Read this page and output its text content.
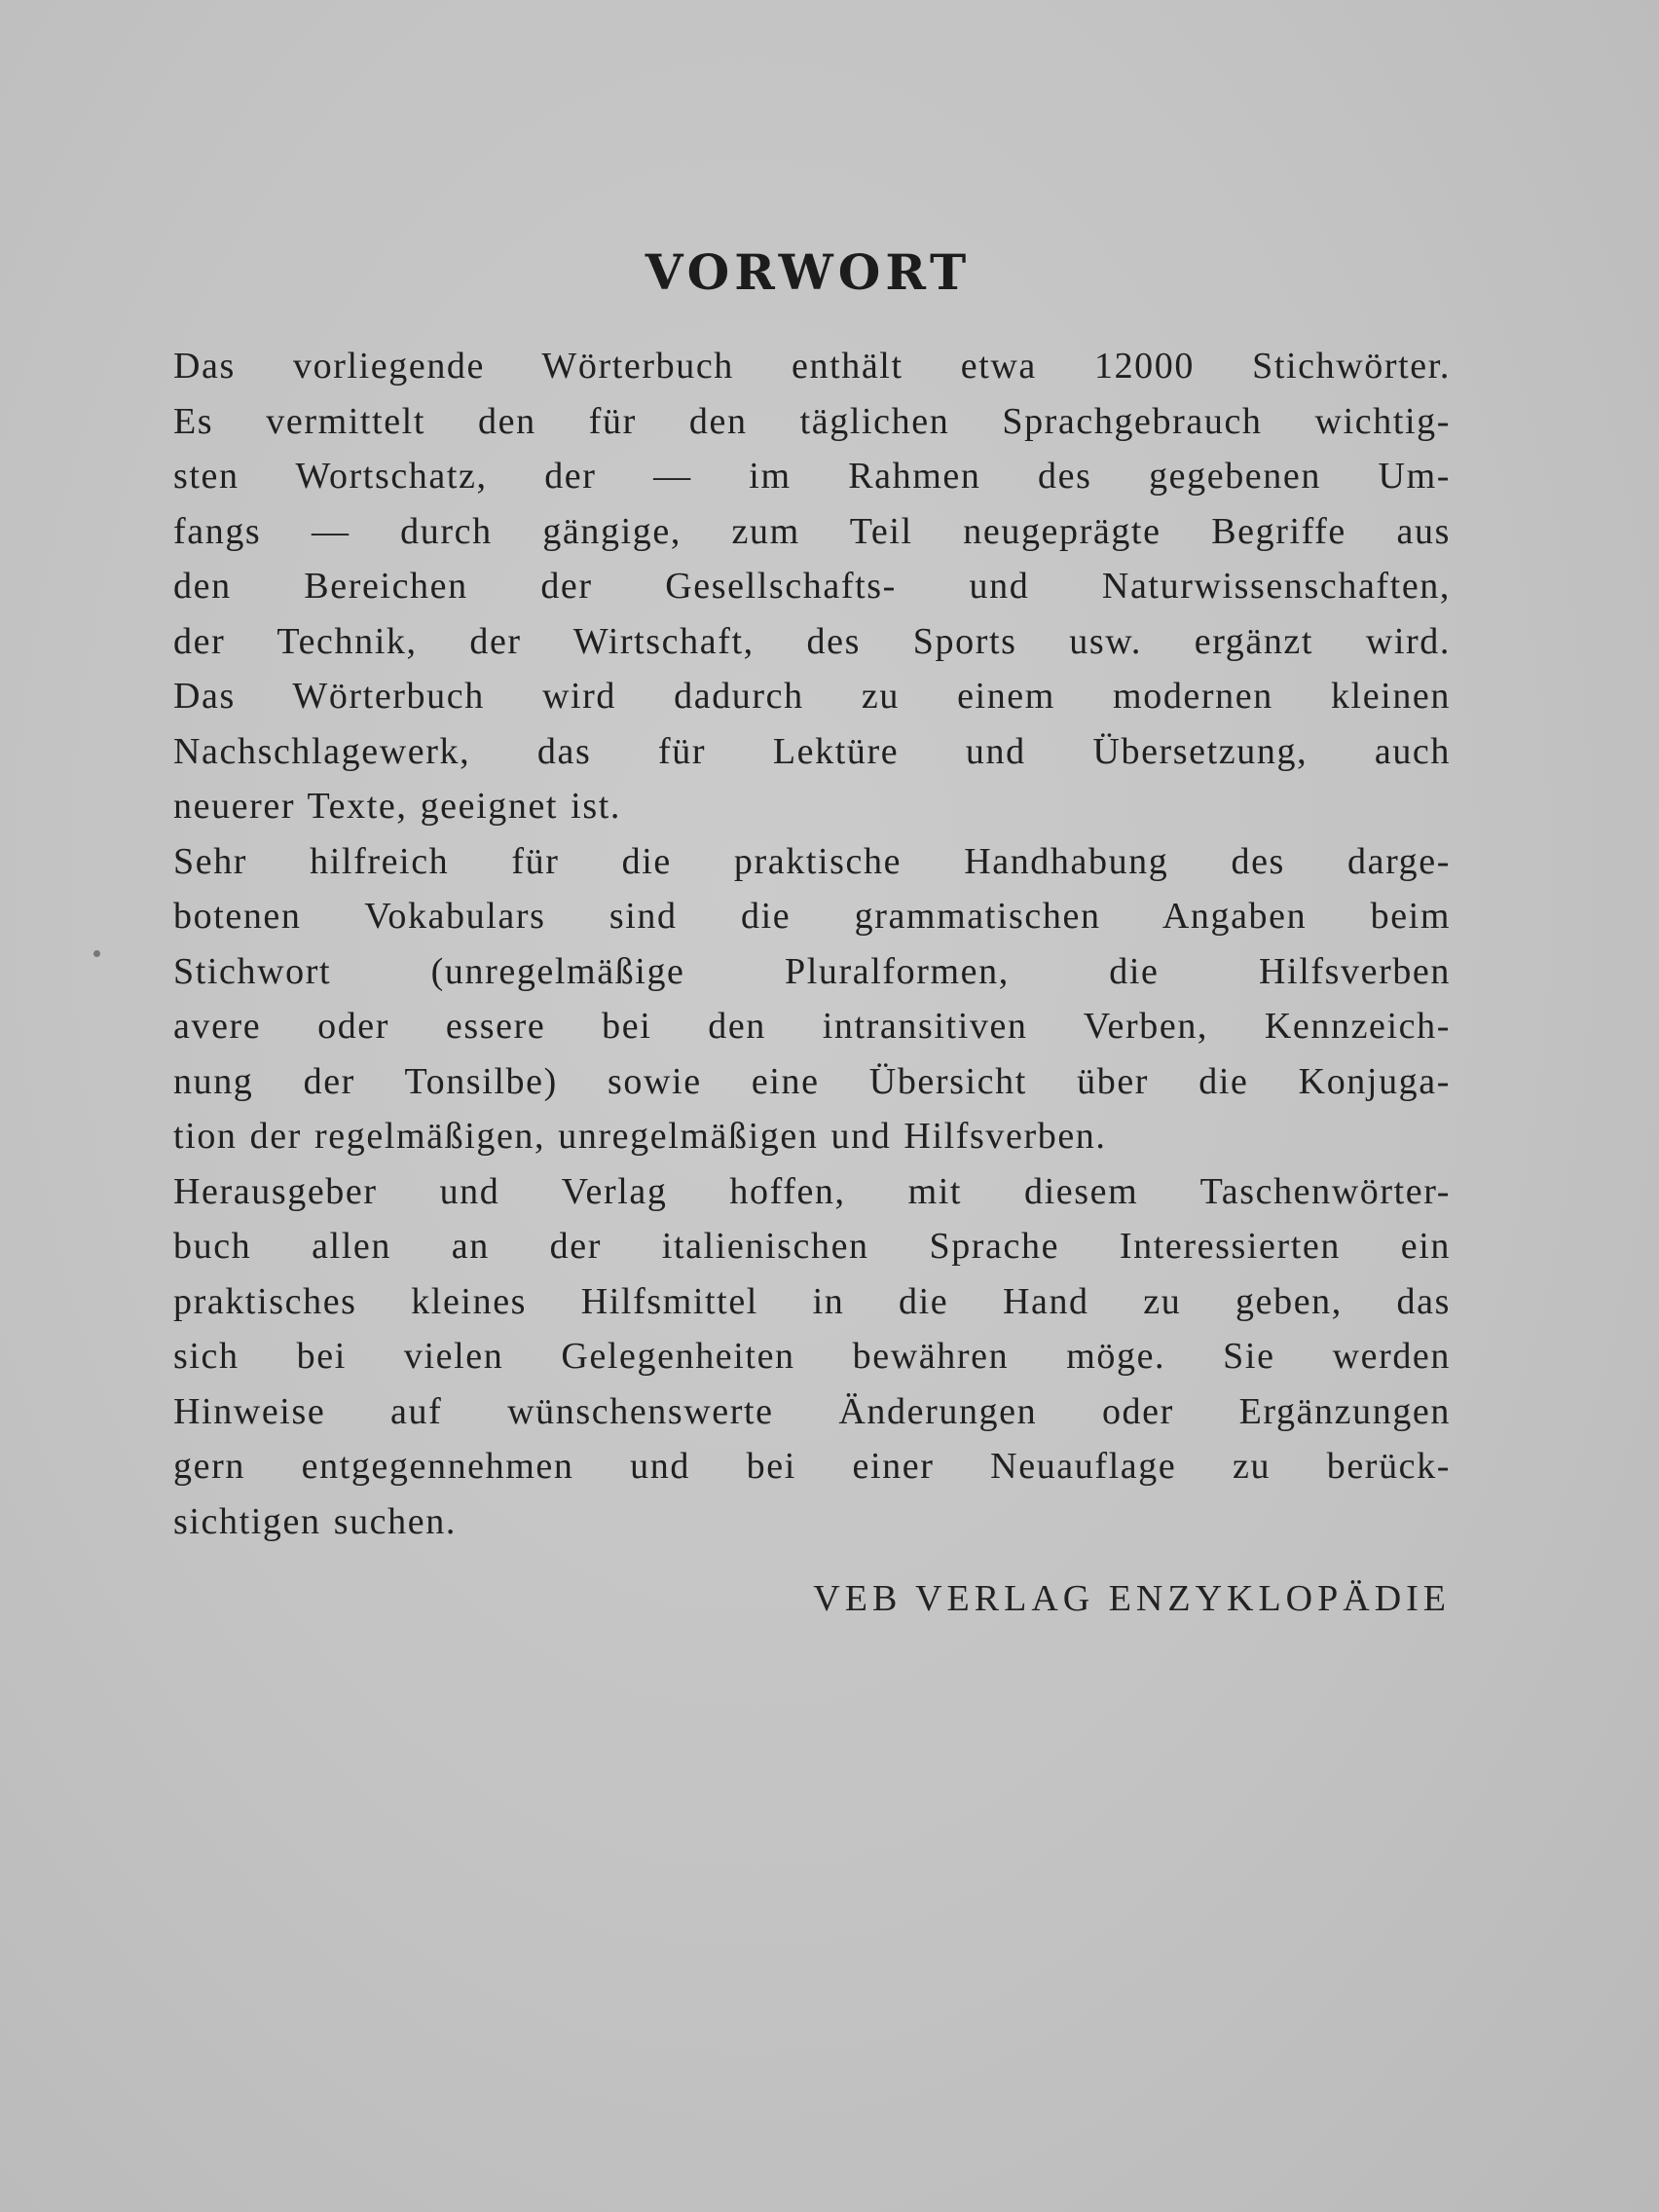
VORWORT
Das vorliegende Wörterbuch enthält etwa 12000 Stichwörter.
Es vermittelt den für den täglichen Sprachgebrauch wichtig-
sten Wortschatz, der — im Rahmen des gegebenen Um-
fangs — durch gängige, zum Teil neugeprägte Begriffe aus
den Bereichen der Gesellschafts- und Naturwissenschaften,
der Technik, der Wirtschaft, des Sports usw. ergänzt wird.
Das Wörterbuch wird dadurch zu einem modernen kleinen
Nachschlagewerk, das für Lektüre und Übersetzung, auch
neuerer Texte, geeignet ist.
Sehr hilfreich für die praktische Handhabung des darge-
botenen Vokabulars sind die grammatischen Angaben beim
Stichwort (unregelmäßige Pluralformen, die Hilfsverben
avere oder essere bei den intransitiven Verben, Kennzeich-
nung der Tonsilbe) sowie eine Übersicht über die Konjuga-
tion der regelmäßigen, unregelmäßigen und Hilfsverben.
Herausgeber und Verlag hoffen, mit diesem Taschenwörter-
buch allen an der italienischen Sprache Interessierten ein
praktisches kleines Hilfsmittel in die Hand zu geben, das
sich bei vielen Gelegenheiten bewähren möge. Sie werden
Hinweise auf wünschenswerte Änderungen oder Ergänzungen
gern entgegennehmen und bei einer Neuauflage zu berück-
sichtigen suchen.
VEB VERLAG ENZYKLOPÄDIE
